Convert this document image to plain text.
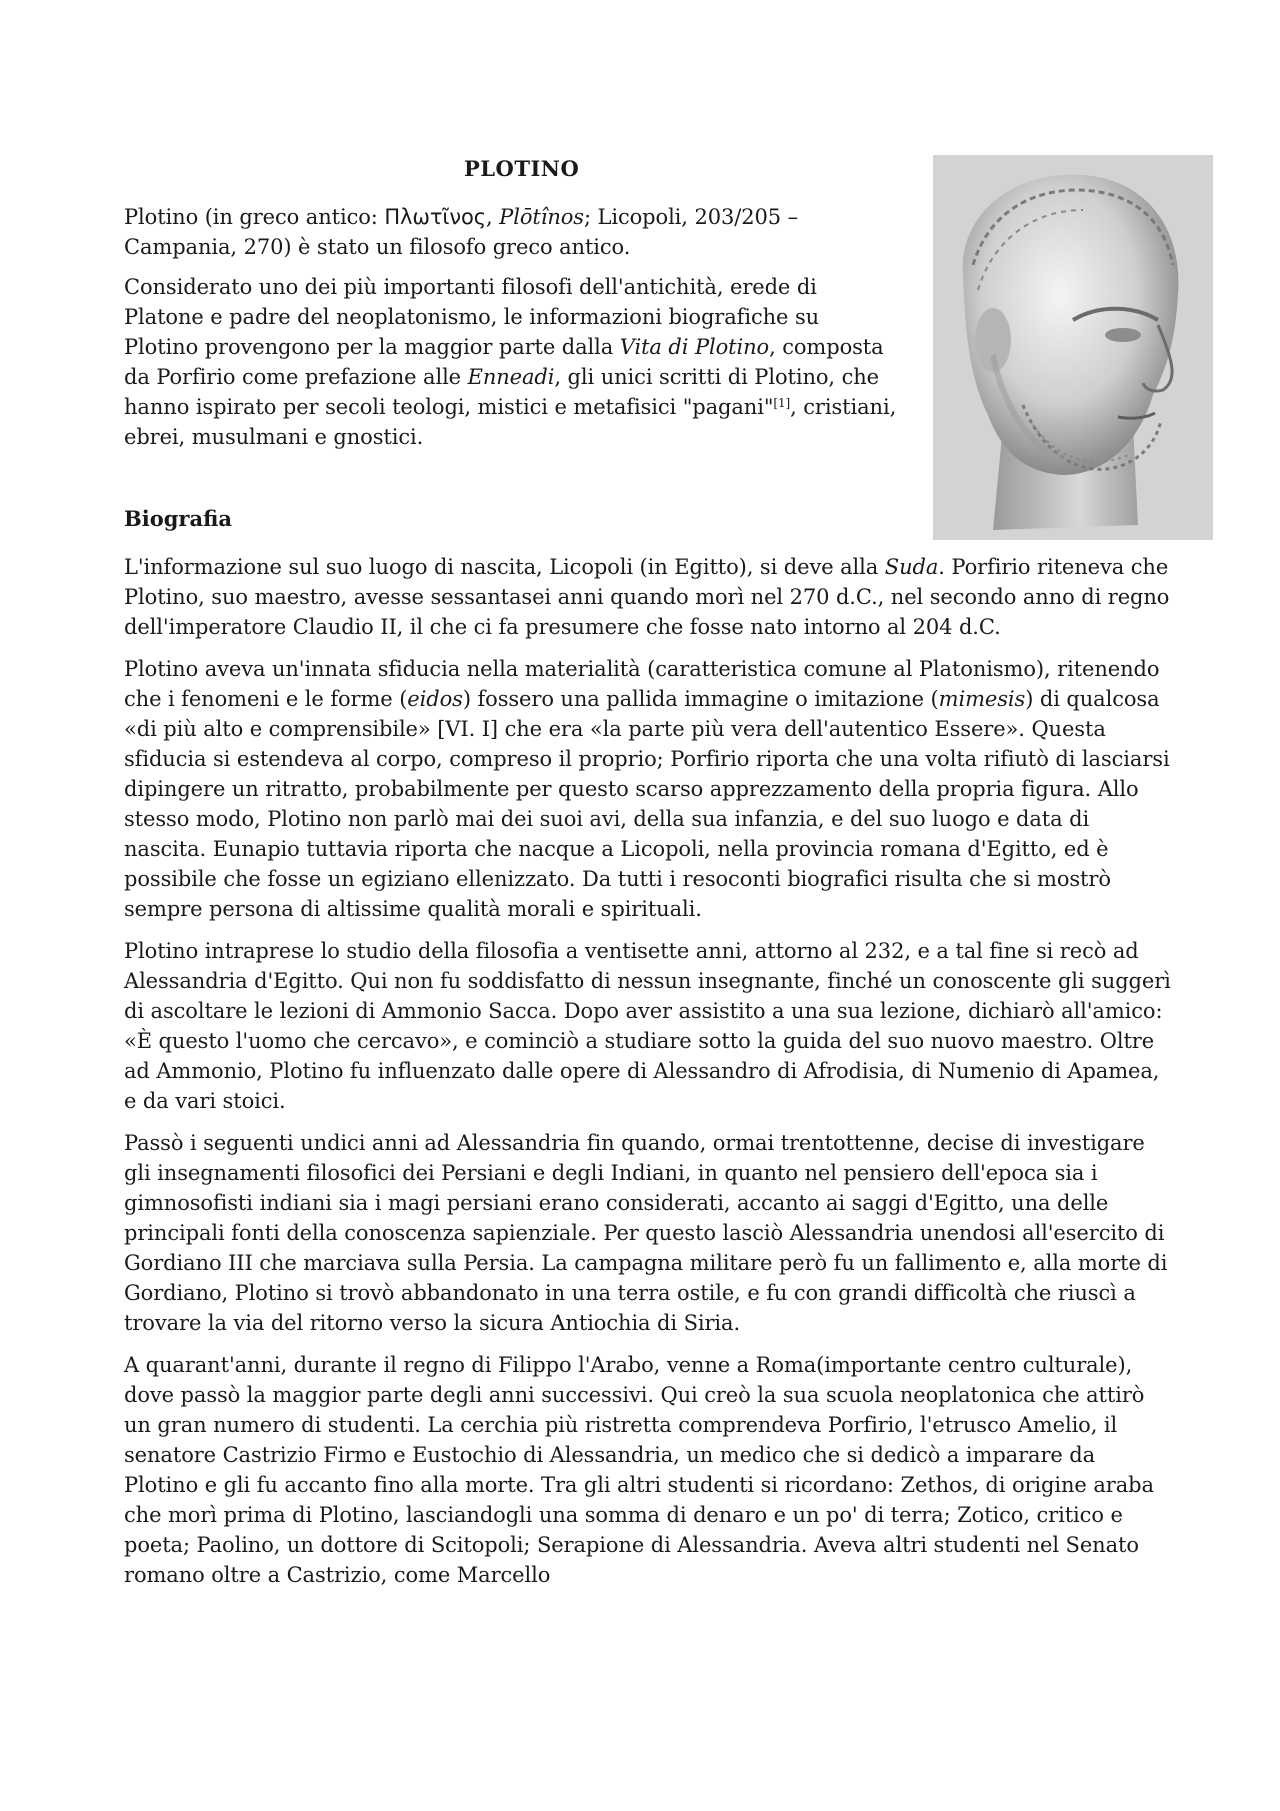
PLOTINO

Plotino (in greco antico: Πλωτῖνος, Plōtînos; Licopoli, 203/205 – Campania, 270) è stato un filosofo greco antico.

Considerato uno dei più importanti filosofi dell'antichità, erede di Platone e padre del neoplatonismo, le informazioni biografiche su Plotino provengono per la maggior parte dalla Vita di Plotino, composta da Porfirio come prefazione alle Enneadi, gli unici scritti di Plotino, che hanno ispirato per secoli teologi, mistici e metafisici "pagani"[1], cristiani, ebrei, musulmani e gnostici.

Biografia

L'informazione sul suo luogo di nascita, Licopoli (in Egitto), si deve alla Suda. Porfirio riteneva che Plotino, suo maestro, avesse sessantasei anni quando morì nel 270 d.C., nel secondo anno di regno dell'imperatore Claudio II, il che ci fa presumere che fosse nato intorno al 204 d.C.

Plotino aveva un'innata sfiducia nella materialità (caratteristica comune al Platonismo), ritenendo che i fenomeni e le forme (eidos) fossero una pallida immagine o imitazione (mimesis) di qualcosa «di più alto e comprensibile» [VI. I] che era «la parte più vera dell'autentico Essere». Questa sfiducia si estendeva al corpo, compreso il proprio; Porfirio riporta che una volta rifiutò di lasciarsi dipingere un ritratto, probabilmente per questo scarso apprezzamento della propria figura. Allo stesso modo, Plotino non parlò mai dei suoi avi, della sua infanzia, e del suo luogo e data di nascita. Eunapio tuttavia riporta che nacque a Licopoli, nella provincia romana d'Egitto, ed è possibile che fosse un egiziano ellenizzato. Da tutti i resoconti biografici risulta che si mostrò sempre persona di altissime qualità morali e spirituali.

Plotino intraprese lo studio della filosofia a ventisette anni, attorno al 232, e a tal fine si recò ad Alessandria d'Egitto. Qui non fu soddisfatto di nessun insegnante, finché un conoscente gli suggerì di ascoltare le lezioni di Ammonio Sacca. Dopo aver assistito a una sua lezione, dichiarò all'amico: «È questo l'uomo che cercavo», e cominciò a studiare sotto la guida del suo nuovo maestro. Oltre ad Ammonio, Plotino fu influenzato dalle opere di Alessandro di Afrodisia, di Numenio di Apamea, e da vari stoici.

Passò i seguenti undici anni ad Alessandria fin quando, ormai trentottenne, decise di investigare gli insegnamenti filosofici dei Persiani e degli Indiani, in quanto nel pensiero dell'epoca sia i gimnosofisti indiani sia i magi persiani erano considerati, accanto ai saggi d'Egitto, una delle principali fonti della conoscenza sapienziale. Per questo lasciò Alessandria unendosi all'esercito di Gordiano III che marciava sulla Persia. La campagna militare però fu un fallimento e, alla morte di Gordiano, Plotino si trovò abbandonato in una terra ostile, e fu con grandi difficoltà che riuscì a trovare la via del ritorno verso la sicura Antiochia di Siria.

A quarant'anni, durante il regno di Filippo l'Arabo, venne a Roma(importante centro culturale), dove passò la maggior parte degli anni successivi. Qui creò la sua scuola neoplatonica che attirò un gran numero di studenti. La cerchia più ristretta comprendeva Porfirio, l'etrusco Amelio, il senatore Castrizio Firmo e Eustochio di Alessandria, un medico che si dedicò a imparare da Plotino e gli fu accanto fino alla morte. Tra gli altri studenti si ricordano: Zethos, di origine araba che morì prima di Plotino, lasciandogli una somma di denaro e un po' di terra; Zotico, critico e poeta; Paolino, un dottore di Scitopoli; Serapione di Alessandria. Aveva altri studenti nel Senato romano oltre a Castrizio, come Marcello
